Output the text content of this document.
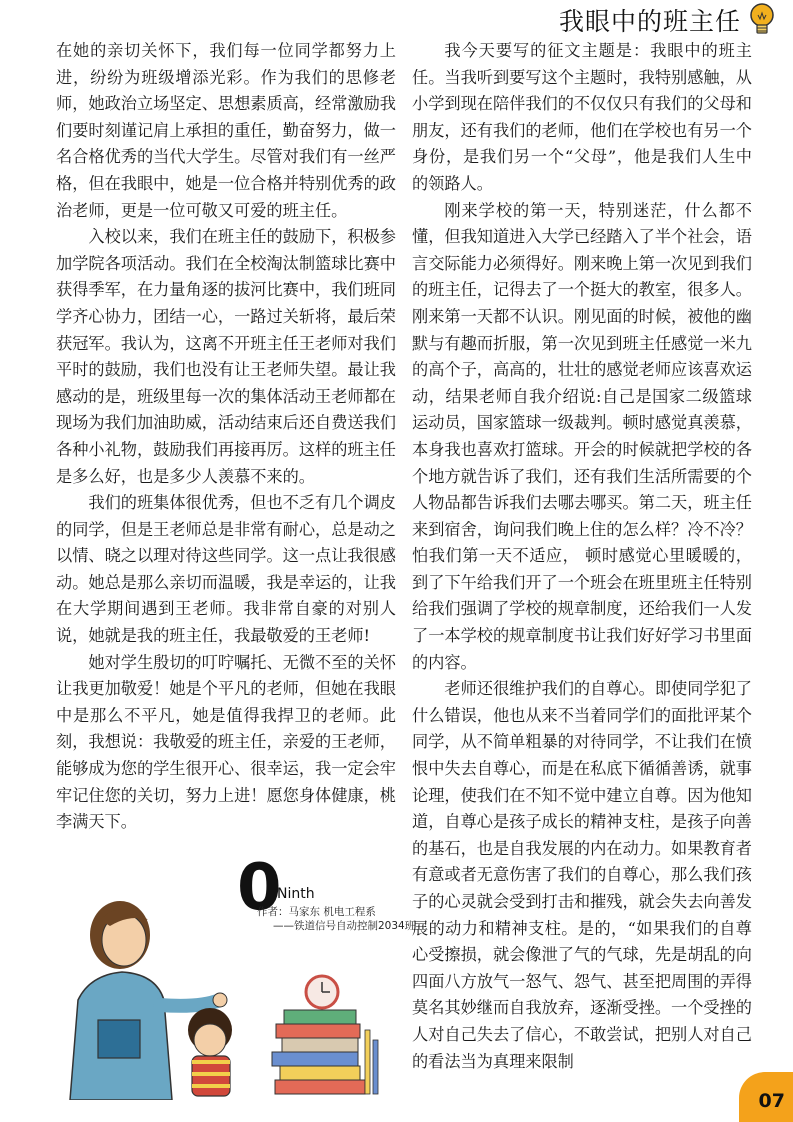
我眼中的班主任

在她的亲切关怀下，我们每一位同学都努力上进，纷纷为班级增添光彩。作为我们的思修老师，她政治立场坚定、思想素质高，经常激励我们要时刻谨记肩上承担的重任，勤奋努力，做一名合格优秀的当代大学生。尽管对我们有一丝严格，但在我眼中，她是一位合格并特别优秀的政治老师，更是一位可敬又可爱的班主任。

入校以来，我们在班主任的鼓励下，积极参加学院各项活动。我们在全校淘汰制篮球比赛中获得季军，在力量角逐的拔河比赛中，我们班同学齐心协力，团结一心，一路过关斩将，最后荣获冠军。我认为，这离不开班主任王老师对我们平时的鼓励，我们也没有让王老师失望。最让我感动的是，班级里每一次的集体活动王老师都在现场为我们加油助威，活动结束后还自费送我们各种小礼物，鼓励我们再接再厉。这样的班主任是多么好，也是多少人羡慕不来的。

我们的班集体很优秀，但也不乏有几个调皮的同学，但是王老师总是非常有耐心，总是动之以情、晓之以理对待这些同学。这一点让我很感动。她总是那么亲切而温暖，我是幸运的，让我在大学期间遇到王老师。我非常自豪的对别人说，她就是我的班主任，我最敬爱的王老师!

她对学生殷切的叮咛嘱托、无微不至的关怀让我更加敬爱！她是个平凡的老师，但她在我眼中是那么不平凡，她是值得我捍卫的老师。此刻，我想说：我敬爱的班主任，亲爱的王老师，能够成为您的学生很开心、很幸运，我一定会牢牢记住您的关切，努力上进！愿您身体健康，桃李满天下。

我今天要写的征文主题是：我眼中的班主任。当我听到要写这个主题时，我特别感触，从小学到现在陪伴我们的不仅仅只有我们的父母和朋友，还有我们的老师，他们在学校也有另一个身份，是我们另一个“父母”，他是我们人生中的领路人。

刚来学校的第一天，特别迷茫，什么都不懂，但我知道进入大学已经踏入了半个社会，语言交际能力必须得好。刚来晚上第一次见到我们的班主任，记得去了一个挺大的教室，很多人。刚来第一天都不认识。刚见面的时候，被他的幽默与有趣而折服，第一次见到班主任感觉一米九的高个子，高高的，壮壮的感觉老师应该喜欢运动，结果老师自我介绍说:自己是国家二级篮球运动员，国家篮球一级裁判。顿时感觉真羡慕，本身我也喜欢打篮球。开会的时候就把学校的各个地方就告诉了我们，还有我们生活所需要的个人物品都告诉我们去哪去哪买。第二天，班主任来到宿舍，询问我们晚上住的怎么样？冷不冷？怕我们第一天不适应， 顿时感觉心里暖暖的，到了下午给我们开了一个班会在班里班主任特别给我们强调了学校的规章制度，还给我们一人发了一本学校的规章制度书让我们好好学习书里面的内容。

老师还很维护我们的自尊心。即使同学犯了什么错误，他也从来不当着同学们的面批评某个同学，从不简单粗暴的对待同学，不让我们在愤恨中失去自尊心，而是在私底下循循善诱，就事论理，使我们在不知不觉中建立自尊。因为他知道，自尊心是孩子成长的精神支柱，是孩子向善的基石，也是自我发展的内在动力。如果教育者有意或者无意伤害了我们的自尊心，那么我们孩子的心灵就会受到打击和摧残，就会失去向善发展的动力和精神支柱。是的，“如果我们的自尊心受擦损，就会像泄了气的气球，先是胡乱的向四面八方放气一怒气、怨气、甚至把周围的弄得莫名其妙继而自我放弃，逐渐受挫。一个受挫的人对自己失去了信心，不敢尝试，把别人对自己的看法当为真理来限制

0
Ninth
作者：马家东 机电工程系
——铁道信号自动控制2034班
07
